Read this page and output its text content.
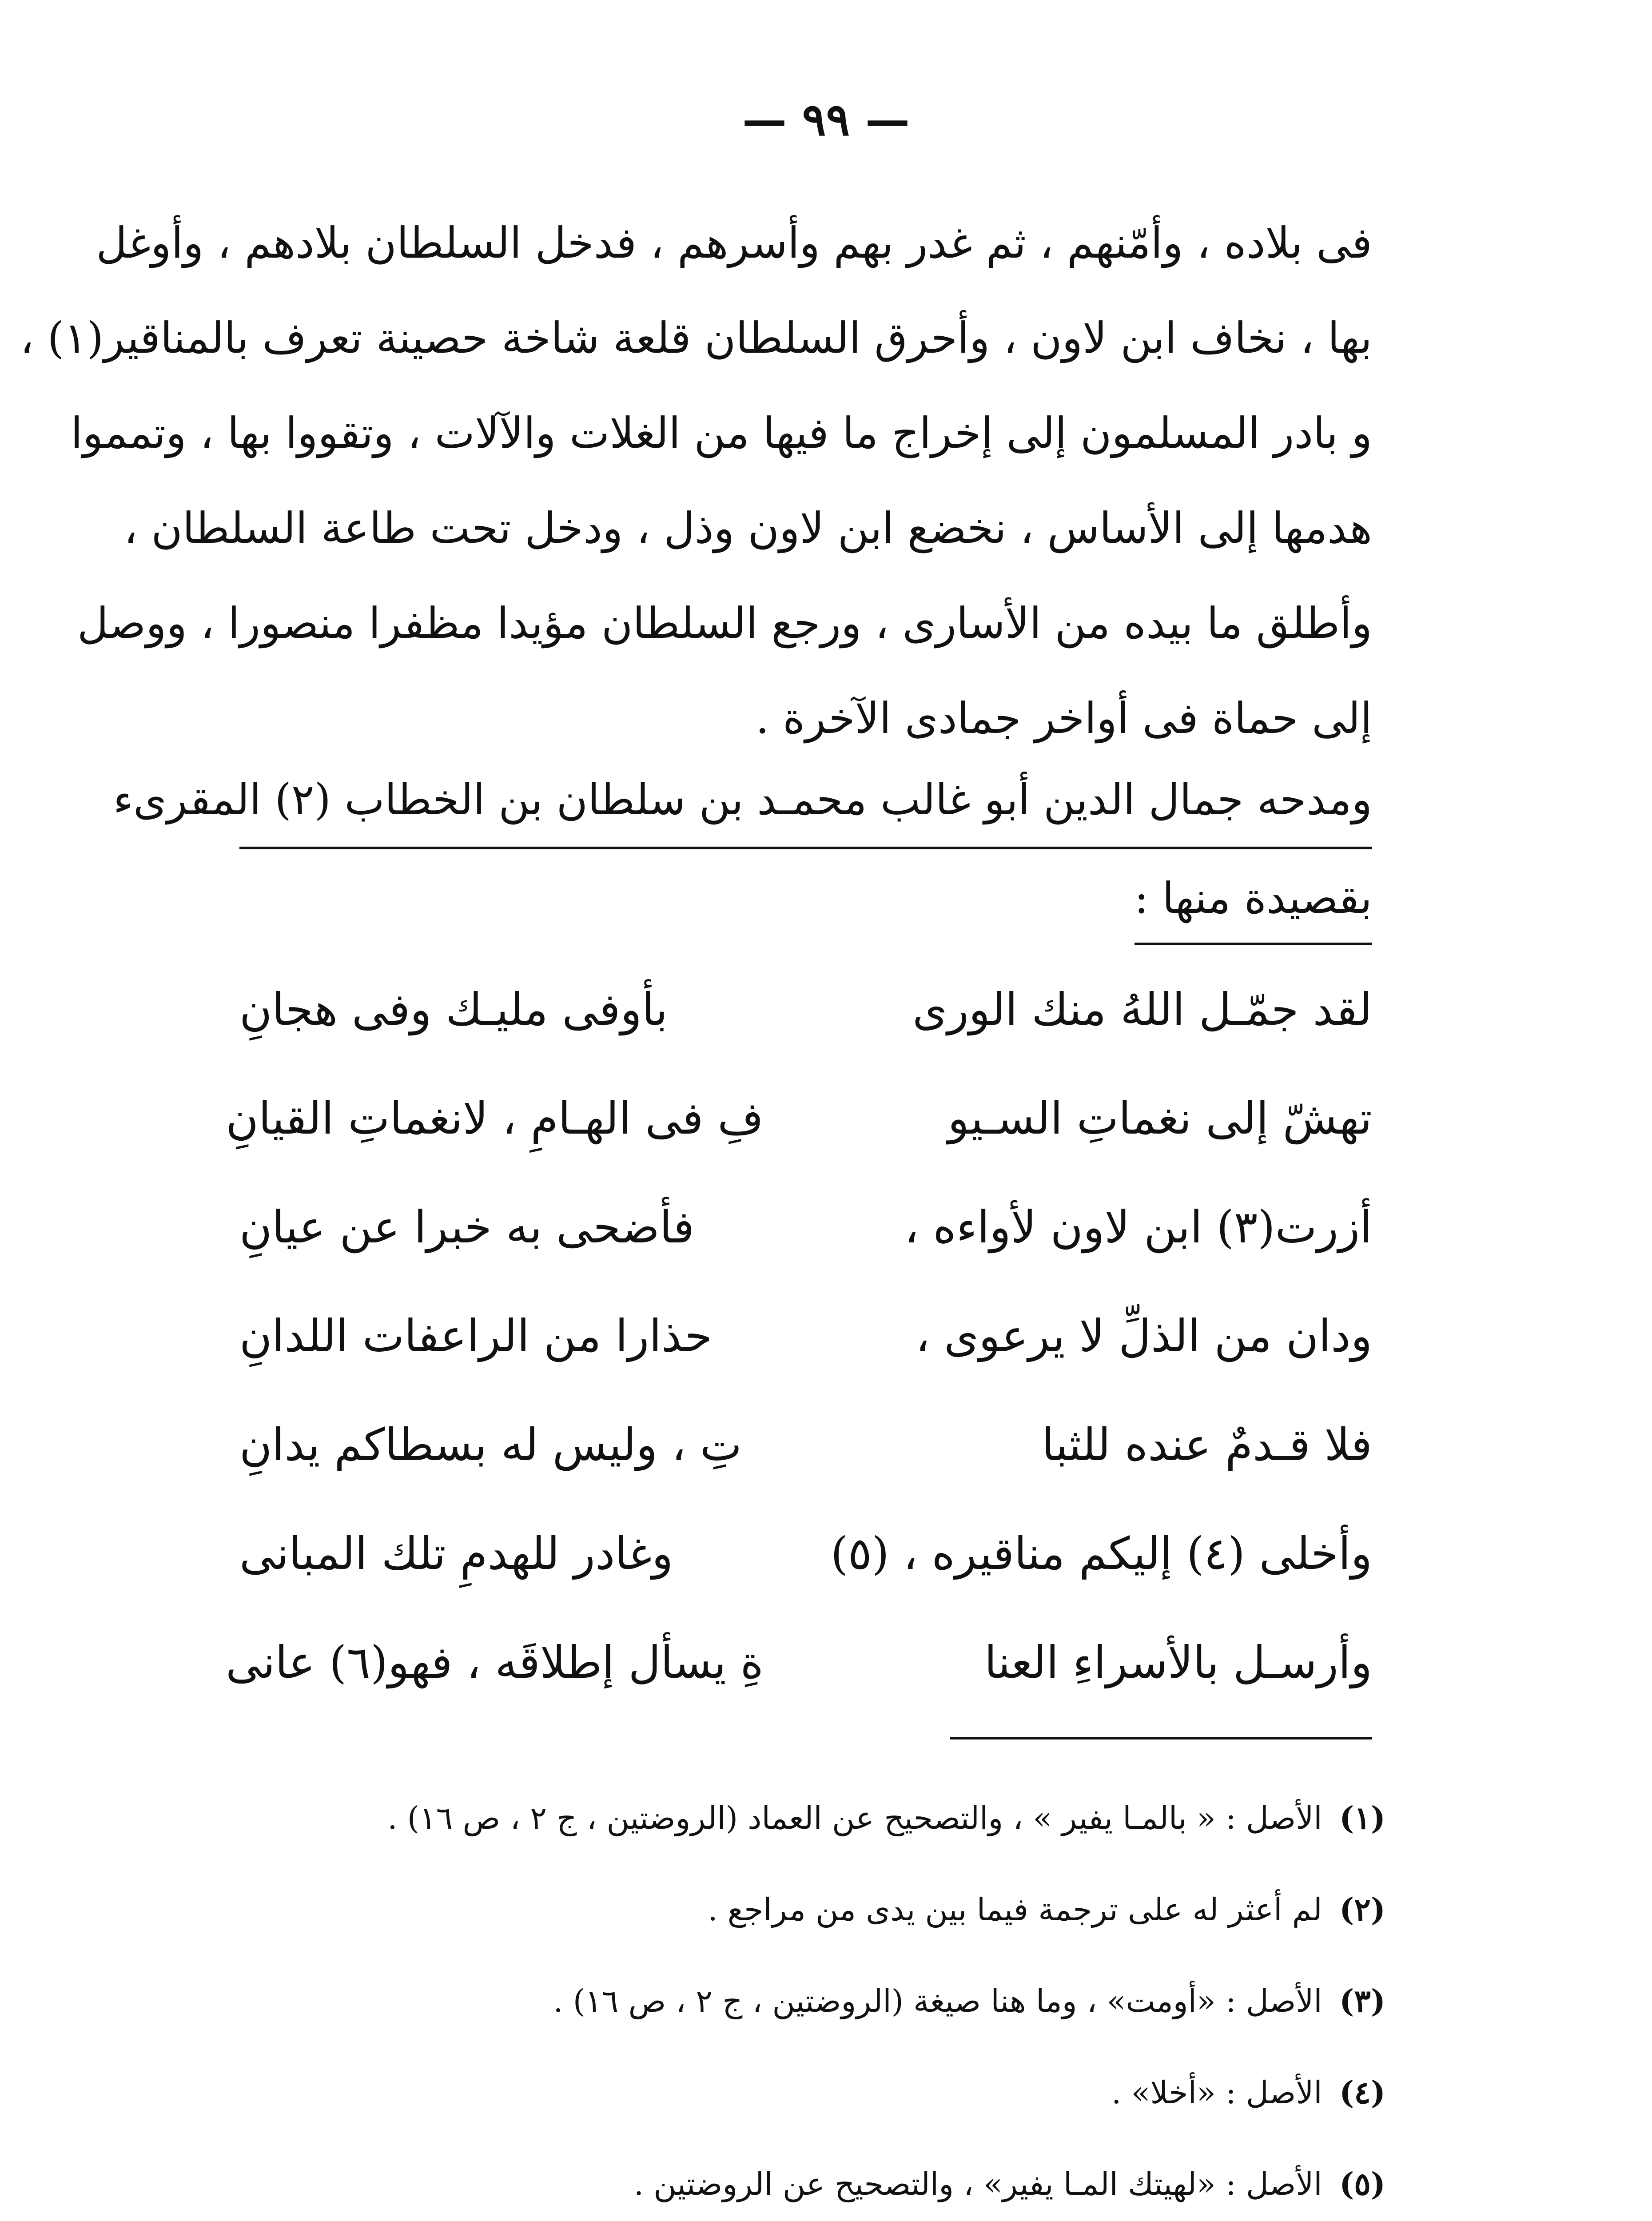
— ٩٩ —
فى بلاده ، وأمّنهم ، ثم غدر بهم وأسرهم ، فدخل السلطان بلادهم ، وأوغل
بها ، نخاف ابن لاون ، وأحرق السلطان قلعة شاخة حصينة تعرف بالمناقير(١) ،
و بادر المسلمون إلى إخراج ما فيها من الغلات والآلات ، وتقووا بها ، وتمموا
هدمها إلى الأساس ، نخضع ابن لاون وذل ، ودخل تحت طاعة السلطان ،
وأطلق ما بيده من الأسارى ، ورجع السلطان مؤيدا مظفرا منصورا ، ووصل
إلى حماة فى أواخر جمادى الآخرة .
ومدحه جمال الدين أبو غالب محمـد بن سلطان بن الخطاب (٢) المقرىء
بقصيدة منها :
لقد جمّـل اللهُ منك الورى
بأوفى مليـك وفى هجانِ
تهشّ إلى نغماتِ السـيو
فِ فى الهـامِ ، لانغماتِ القيانِ
أزرت(٣) ابن لاون لأواءه ،
فأضحى به خبرا عن عيانِ
ودان من الذلِّ لا يرعوى ،
حذارا من الراعفات اللدانِ
فلا قـدمٌ عنده للثبا
تِ ، وليس له بسطاكم يدانِ
وأخلى (٤) إليكم مناقيره ، (٥)
وغادر للهدمِ تلك المبانى
وأرسـل بالأسراءِ العنا
ةِ يسأل إطلاقَه ، فهو(٦) عانى
(١) الأصل : « بالمـا يفير » ، والتصحيح عن العماد (الروضتين ، ج ٢ ، ص ١٦) .
(٢) لم أعثر له على ترجمة فيما بين يدى من مراجع .
(٣) الأصل : «أومت» ، وما هنا صيغة (الروضتين ، ج ٢ ، ص ١٦) .
(٤) الأصل : «أخلا» .
(٥) الأصل : «لهيتك المـا يفير» ، والتصحيح عن الروضتين .
